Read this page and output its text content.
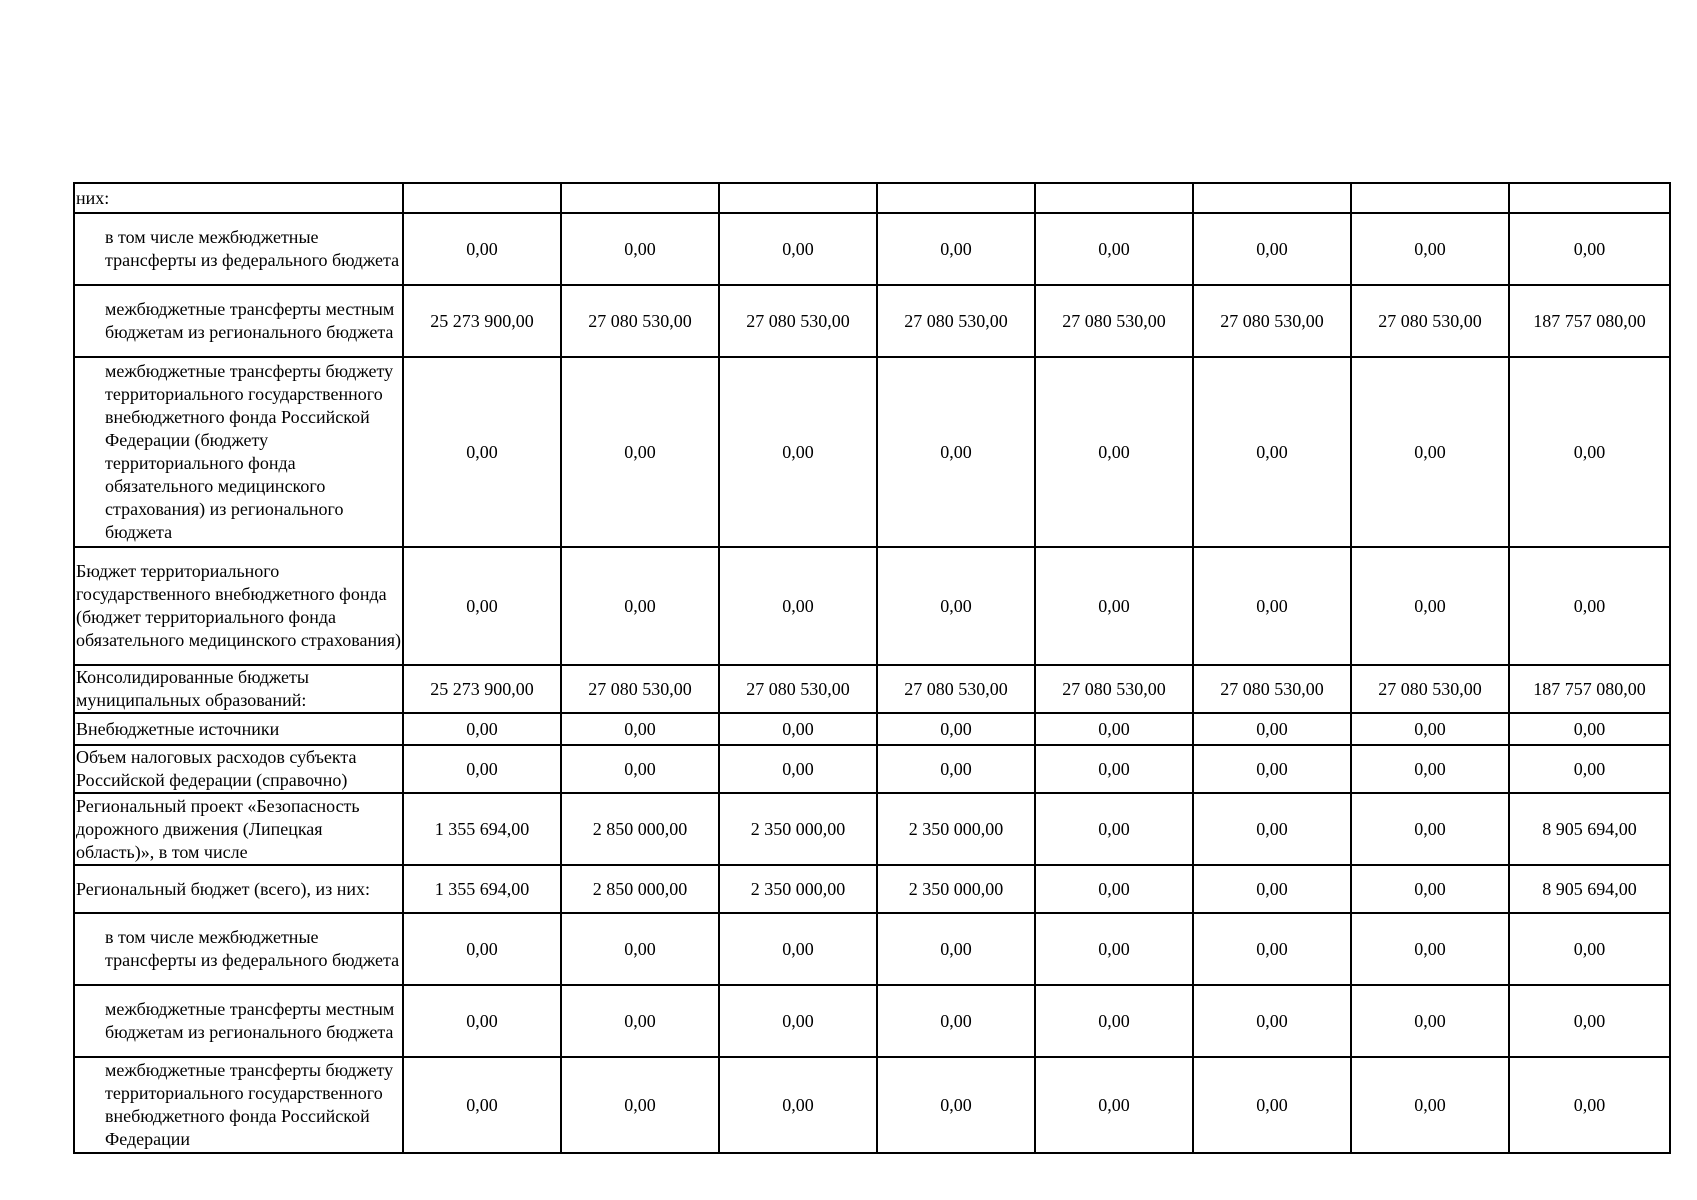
них:								
в том числе межбюджетные трансферты из федерального бюджета	0,00	0,00	0,00	0,00	0,00	0,00	0,00	0,00
межбюджетные трансферты местным бюджетам из регионального бюджета	25 273 900,00	27 080 530,00	27 080 530,00	27 080 530,00	27 080 530,00	27 080 530,00	27 080 530,00	187 757 080,00
межбюджетные трансферты бюджету территориального государственного внебюджетного фонда Российской Федерации (бюджету территориального фонда обязательного медицинского страхования) из регионального бюджета	0,00	0,00	0,00	0,00	0,00	0,00	0,00	0,00
Бюджет территориального государственного внебюджетного фонда (бюджет территориального фонда обязательного медицинского страхования)	0,00	0,00	0,00	0,00	0,00	0,00	0,00	0,00
Консолидированные бюджеты муниципальных образований:	25 273 900,00	27 080 530,00	27 080 530,00	27 080 530,00	27 080 530,00	27 080 530,00	27 080 530,00	187 757 080,00
Внебюджетные источники	0,00	0,00	0,00	0,00	0,00	0,00	0,00	0,00
Объем налоговых расходов субъекта Российской федерации (справочно)	0,00	0,00	0,00	0,00	0,00	0,00	0,00	0,00
Региональный проект «Безопасность дорожного движения (Липецкая область)», в том числе	1 355 694,00	2 850 000,00	2 350 000,00	2 350 000,00	0,00	0,00	0,00	8 905 694,00
Региональный бюджет (всего), из них:	1 355 694,00	2 850 000,00	2 350 000,00	2 350 000,00	0,00	0,00	0,00	8 905 694,00
в том числе межбюджетные трансферты из федерального бюджета	0,00	0,00	0,00	0,00	0,00	0,00	0,00	0,00
межбюджетные трансферты местным бюджетам из регионального бюджета	0,00	0,00	0,00	0,00	0,00	0,00	0,00	0,00
межбюджетные трансферты бюджету территориального государственного внебюджетного фонда Российской Федерации	0,00	0,00	0,00	0,00	0,00	0,00	0,00	0,00
